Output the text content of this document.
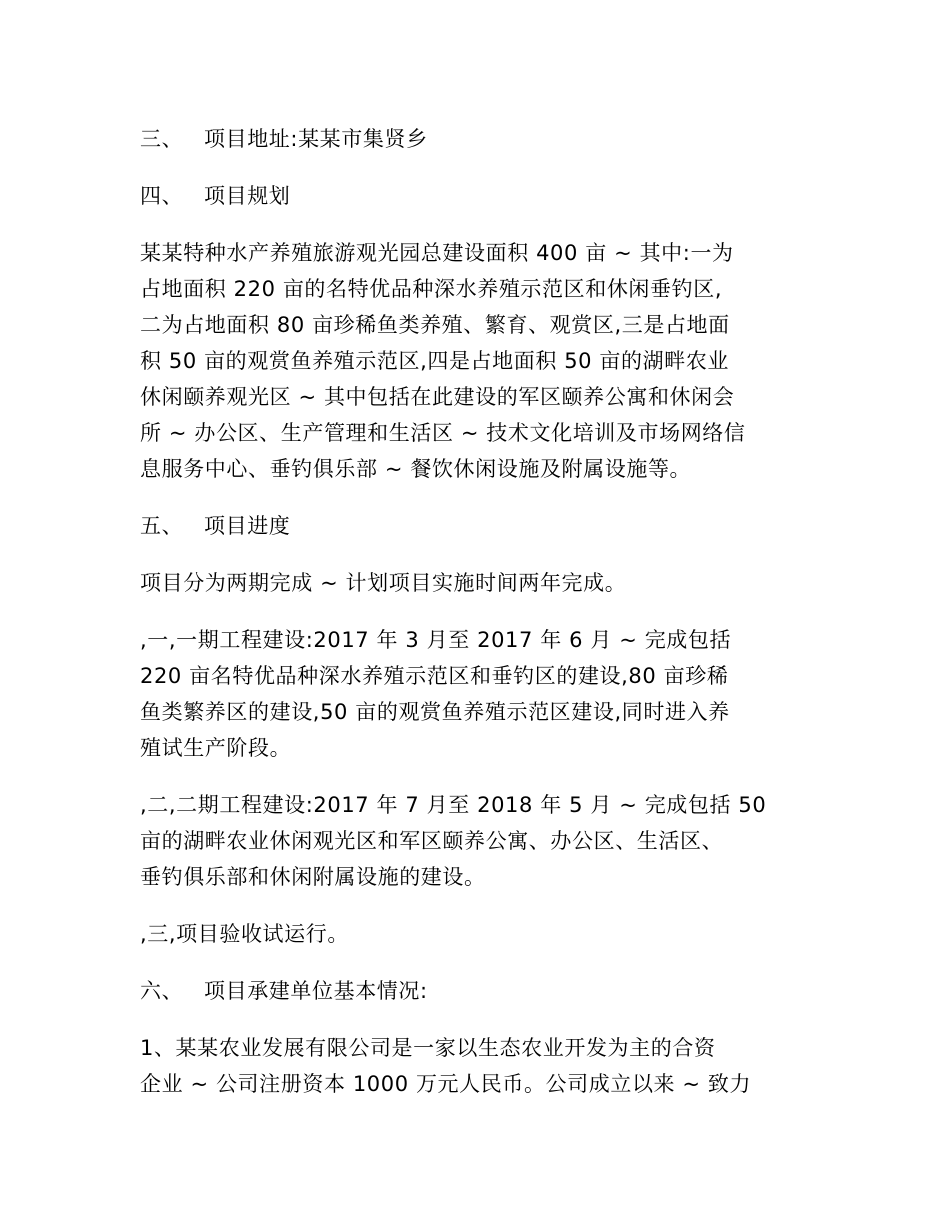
三、 项目地址:某某市集贤乡
四、 项目规划
某某特种水产养殖旅游观光园总建设面积 400 亩 ~ 其中:一为
占地面积 220 亩的名特优品种深水养殖示范区和休闲垂钓区,
二为占地面积 80 亩珍稀鱼类养殖、繁育、观赏区,三是占地面
积 50 亩的观赏鱼养殖示范区,四是占地面积 50 亩的湖畔农业
休闲颐养观光区 ~ 其中包括在此建设的军区颐养公寓和休闲会
所 ~ 办公区、生产管理和生活区 ~ 技术文化培训及市场网络信
息服务中心、垂钓俱乐部 ~ 餐饮休闲设施及附属设施等。
五、 项目进度
项目分为两期完成 ~ 计划项目实施时间两年完成。
,一,一期工程建设:2017 年 3 月至 2017 年 6 月 ~ 完成包括
220 亩名特优品种深水养殖示范区和垂钓区的建设,80 亩珍稀
鱼类繁养区的建设,50 亩的观赏鱼养殖示范区建设,同时进入养
殖试生产阶段。
,二,二期工程建设:2017 年 7 月至 2018 年 5 月 ~ 完成包括 50
亩的湖畔农业休闲观光区和军区颐养公寓、办公区、生活区、
垂钓俱乐部和休闲附属设施的建设。
,三,项目验收试运行。
六、 项目承建单位基本情况:
1、某某农业发展有限公司是一家以生态农业开发为主的合资
企业 ~ 公司注册资本 1000 万元人民币。公司成立以来 ~ 致力
